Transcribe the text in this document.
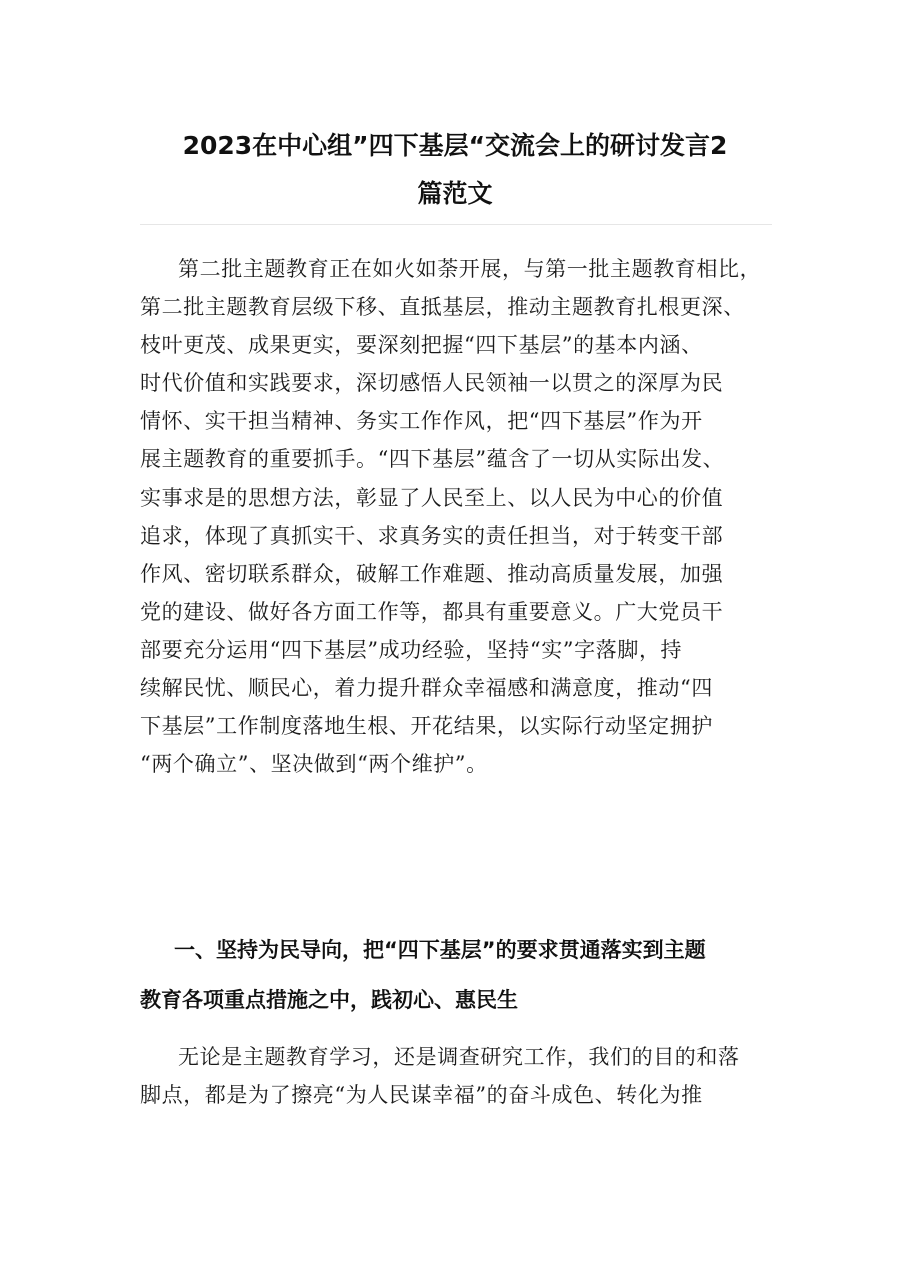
2023在中心组”四下基层“交流会上的研讨发言2
篇范文

第二批主题教育正在如火如荼开展，与第一批主题教育相比，
第二批主题教育层级下移、直抵基层，推动主题教育扎根更深、
枝叶更茂、成果更实，要深刻把握“四下基层”的基本内涵、
时代价值和实践要求，深切感悟人民领袖一以贯之的深厚为民
情怀、实干担当精神、务实工作作风，把“四下基层”作为开
展主题教育的重要抓手。“四下基层”蕴含了一切从实际出发、
实事求是的思想方法，彰显了人民至上、以人民为中心的价值
追求，体现了真抓实干、求真务实的责任担当，对于转变干部
作风、密切联系群众，破解工作难题、推动高质量发展，加强
党的建设、做好各方面工作等，都具有重要意义。广大党员干
部要充分运用“四下基层”成功经验，坚持“实”字落脚，持
续解民忧、顺民心，着力提升群众幸福感和满意度，推动“四
下基层”工作制度落地生根、开花结果，以实际行动坚定拥护
“两个确立”、坚决做到“两个维护”。

一、坚持为民导向，把“四下基层”的要求贯通落实到主题
教育各项重点措施之中，践初心、惠民生

无论是主题教育学习，还是调查研究工作，我们的目的和落
脚点，都是为了擦亮“为人民谋幸福”的奋斗成色、转化为推
